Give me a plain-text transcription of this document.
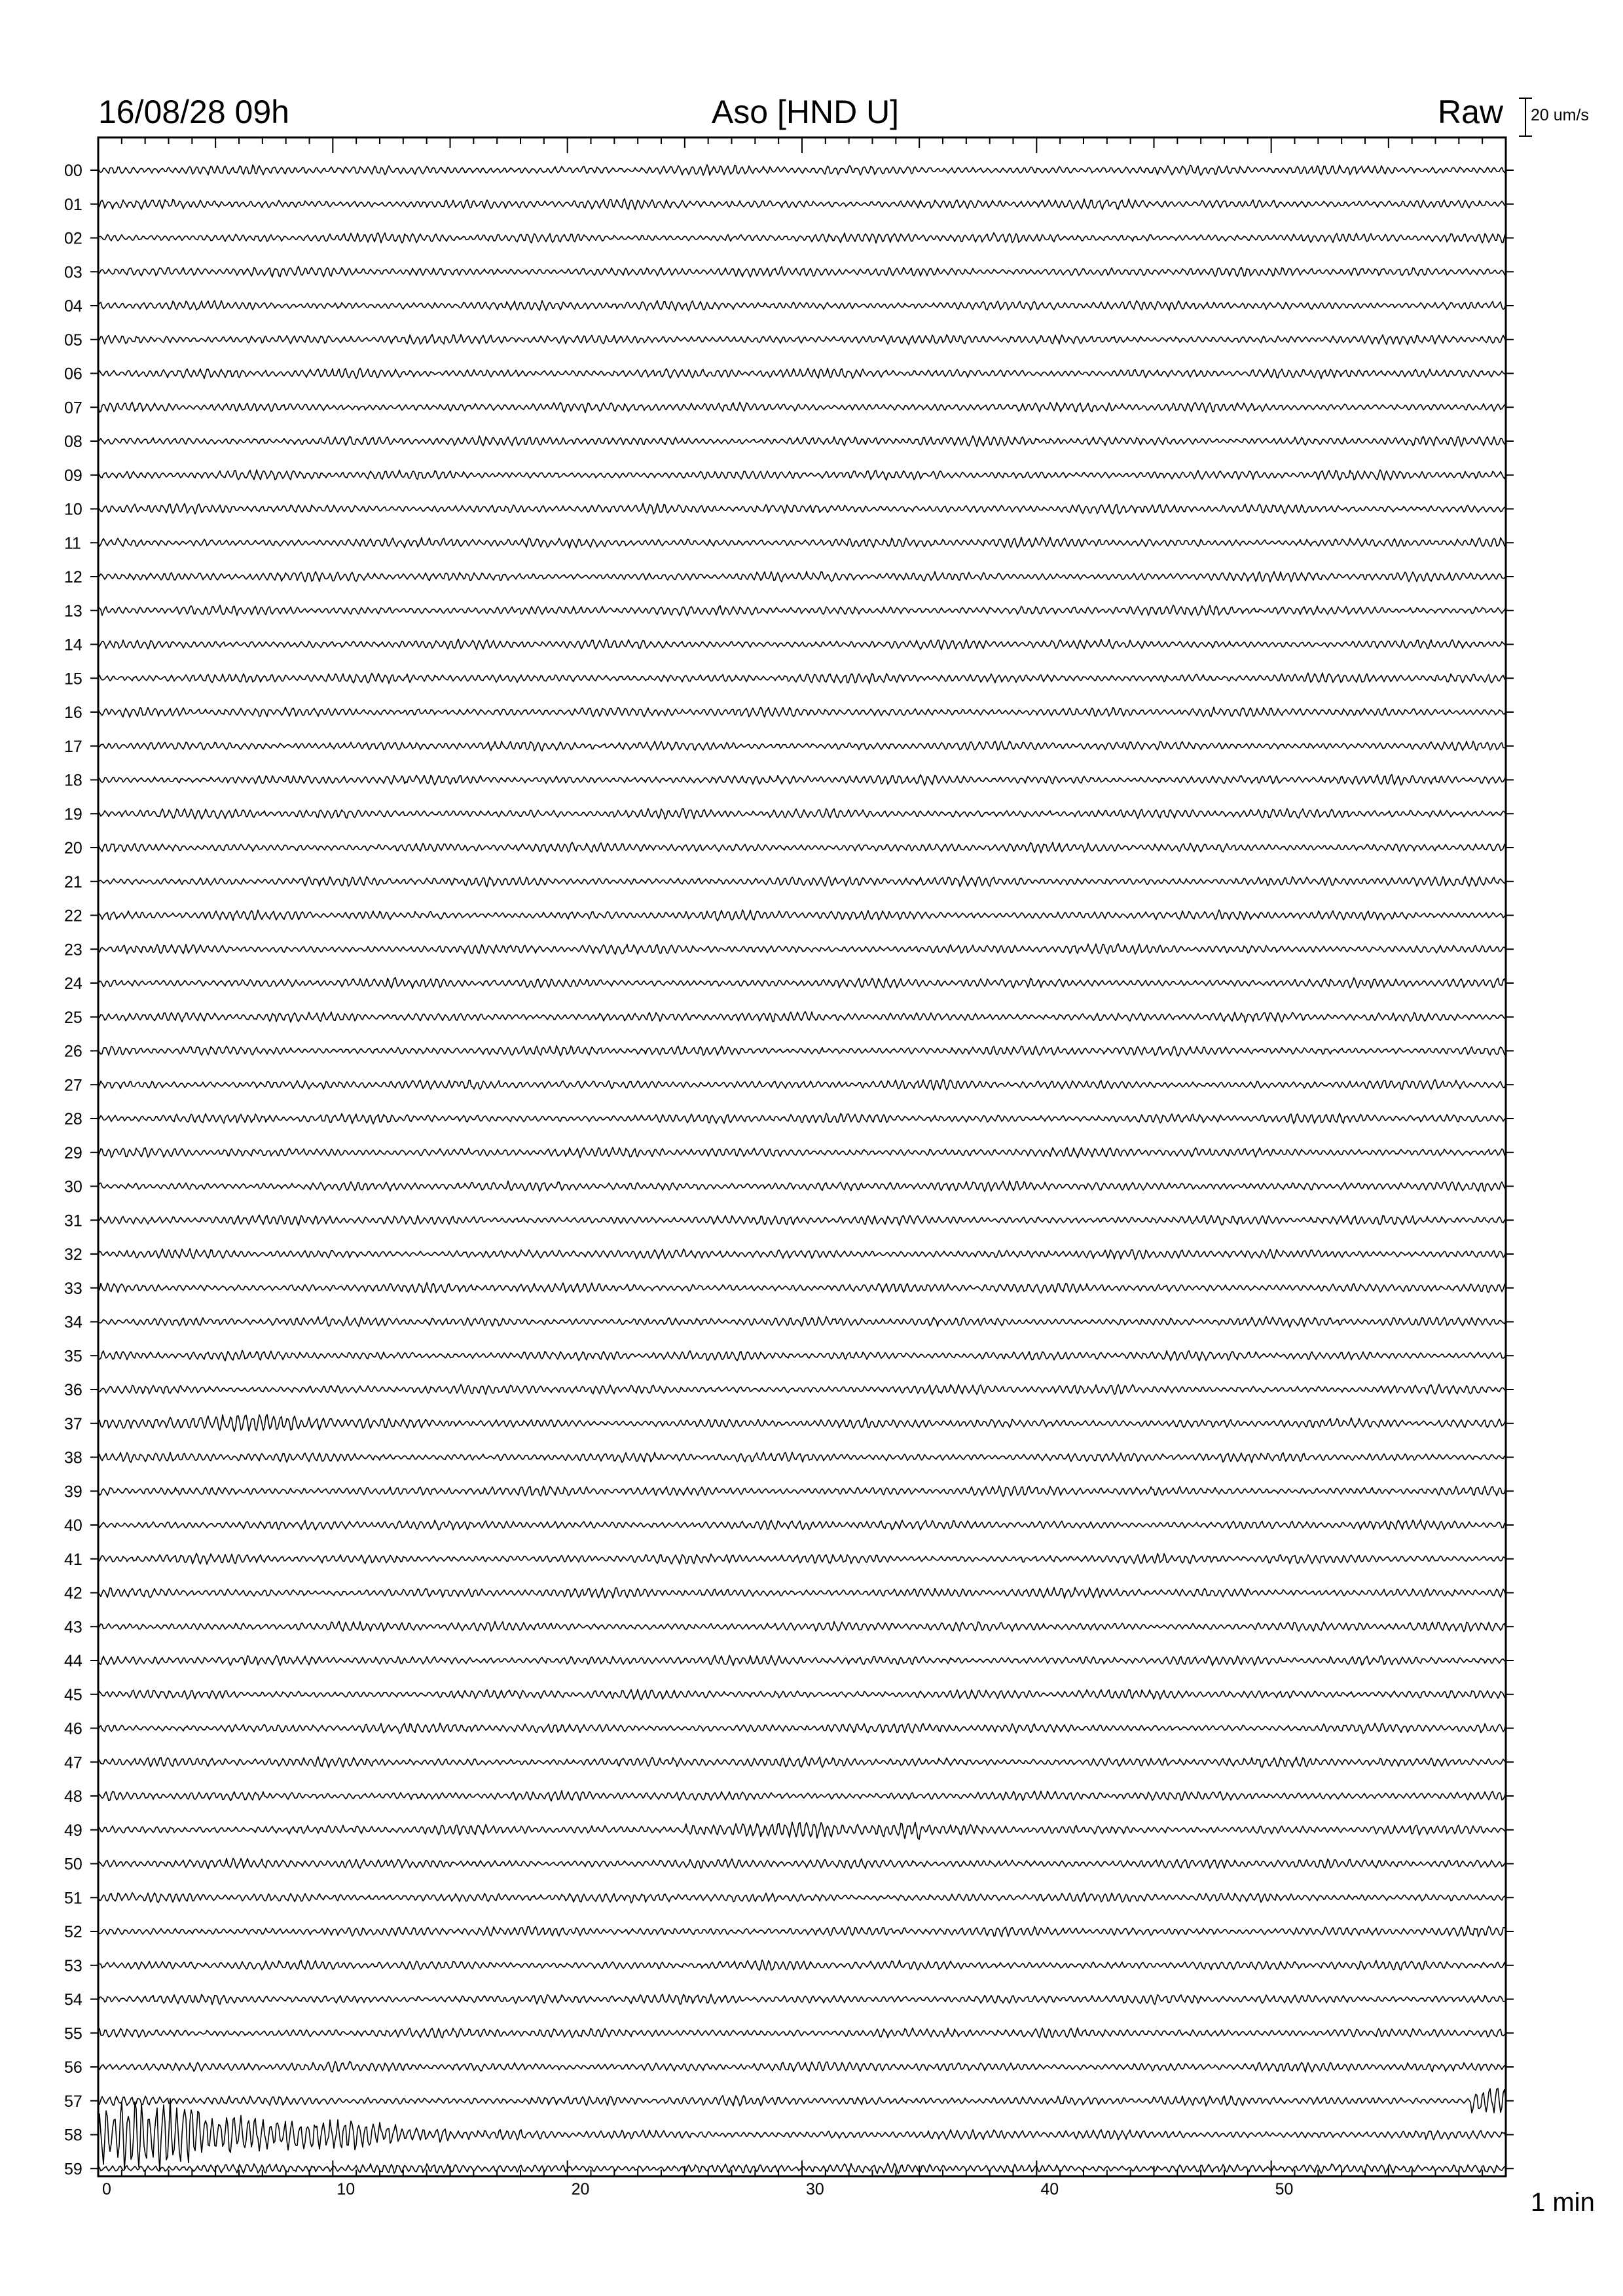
16/08/28 09h	Aso [HND U]	Raw 20 um/s
1 min
0	10	20	30	40	50
00
01
02
03
04
05
06
07
08
09
10
11
12
13
14
15
16
17
18
19
20
21
22
23
24
25
26
27
28
29
30
31
32
33
34
35
36
37
38
39
40
41
42
43
44
45
46
47
48
49
50
51
52
53
54
55
56
57
58
59
